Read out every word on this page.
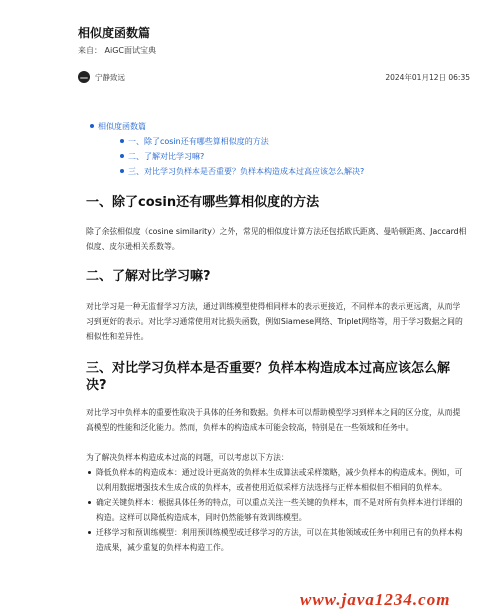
相似度函数篇
来自： AiGC面试宝典
宁静致远	2024年01月12日 06:35
相似度函数篇
一、除了cosin还有哪些算相似度的方法
二、了解对比学习嘛?
三、对比学习负样本是否重要？负样本构造成本过高应该怎么解决?
一、除了cosin还有哪些算相似度的方法

除了余弦相似度（cosine similarity）之外，常见的相似度计算方法还包括欧氏距离、曼哈顿距离、Jaccard相似度、皮尔逊相关系数等。

二、了解对比学习嘛?

对比学习是一种无监督学习方法，通过训练模型使得相同样本的表示更接近，不同样本的表示更远离，从而学习到更好的表示。对比学习通常使用对比损失函数，例如Siamese网络、Triplet网络等，用于学习数据之间的相似性和差异性。

三、对比学习负样本是否重要？负样本构造成本过高应该怎么解决?

对比学习中负样本的重要性取决于具体的任务和数据。负样本可以帮助模型学习到样本之间的区分度，从而提高模型的性能和泛化能力。然而，负样本的构造成本可能会较高，特别是在一些领域和任务中。

为了解决负样本构造成本过高的问题，可以考虑以下方法：

降低负样本的构造成本：通过设计更高效的负样本生成算法或采样策略，减少负样本的构造成本。例如，可以利用数据增强技术生成合成的负样本，或者使用近似采样方法选择与正样本相似但不相同的负样本。
确定关键负样本：根据具体任务的特点，可以重点关注一些关键的负样本，而不是对所有负样本进行详细的构造。这样可以降低构造成本，同时仍然能够有效训练模型。
迁移学习和预训练模型：利用预训练模型或迁移学习的方法，可以在其他领域或任务中利用已有的负样本构造成果，减少重复的负样本构造工作。
www.java1234.com
